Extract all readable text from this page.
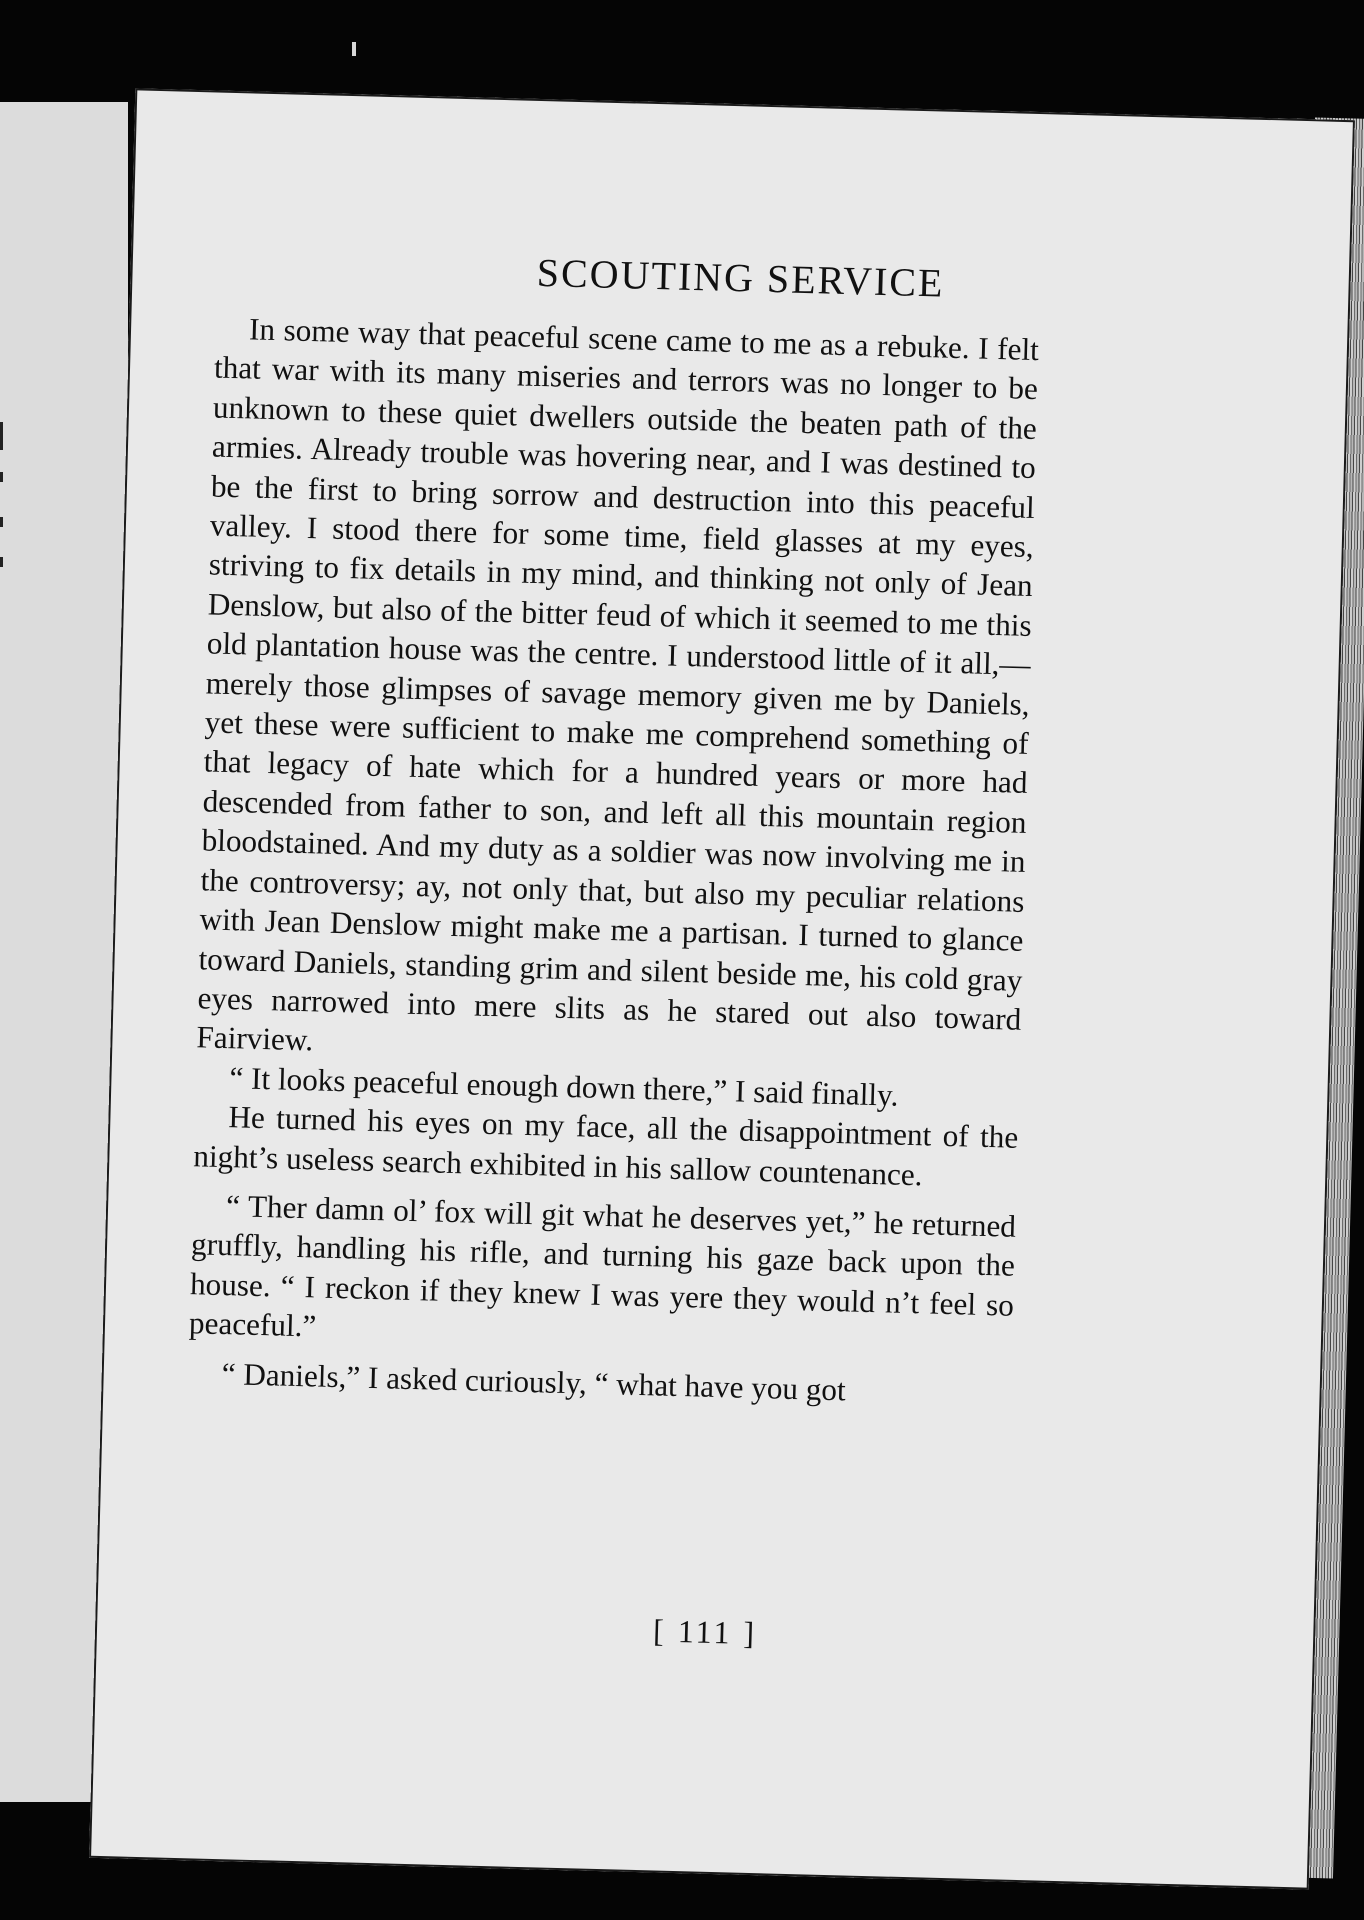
SCOUTING SERVICE

In some way that peaceful scene came to me as a rebuke. I felt that war with its many miseries and terrors was no longer to be unknown to these quiet dwellers outside the beaten path of the armies. Already trouble was hovering near, and I was destined to be the first to bring sorrow and destruction into this peaceful valley. I stood there for some time, field glasses at my eyes, striving to fix details in my mind, and thinking not only of Jean Denslow, but also of the bitter feud of which it seemed to me this old plantation house was the centre. I understood little of it all,— merely those glimpses of savage memory given me by Daniels, yet these were sufficient to make me comprehend something of that legacy of hate which for a hundred years or more had descended from father to son, and left all this mountain region bloodstained. And my duty as a soldier was now involving me in the controversy; ay, not only that, but also my peculiar relations with Jean Denslow might make me a partisan. I turned to glance toward Daniels, standing grim and silent beside me, his cold gray eyes narrowed into mere slits as he stared out also toward Fairview.

“ It looks peaceful enough down there,” I said finally.

He turned his eyes on my face, all the disappointment of the night’s useless search exhibited in his sallow countenance.

“ Ther damn ol’ fox will git what he deserves yet,” he returned gruffly, handling his rifle, and turning his gaze back upon the house. “ I reckon if they knew I was yere they would n’t feel so peaceful.”

“ Daniels,” I asked curiously, “ what have you got

[ 111 ]
